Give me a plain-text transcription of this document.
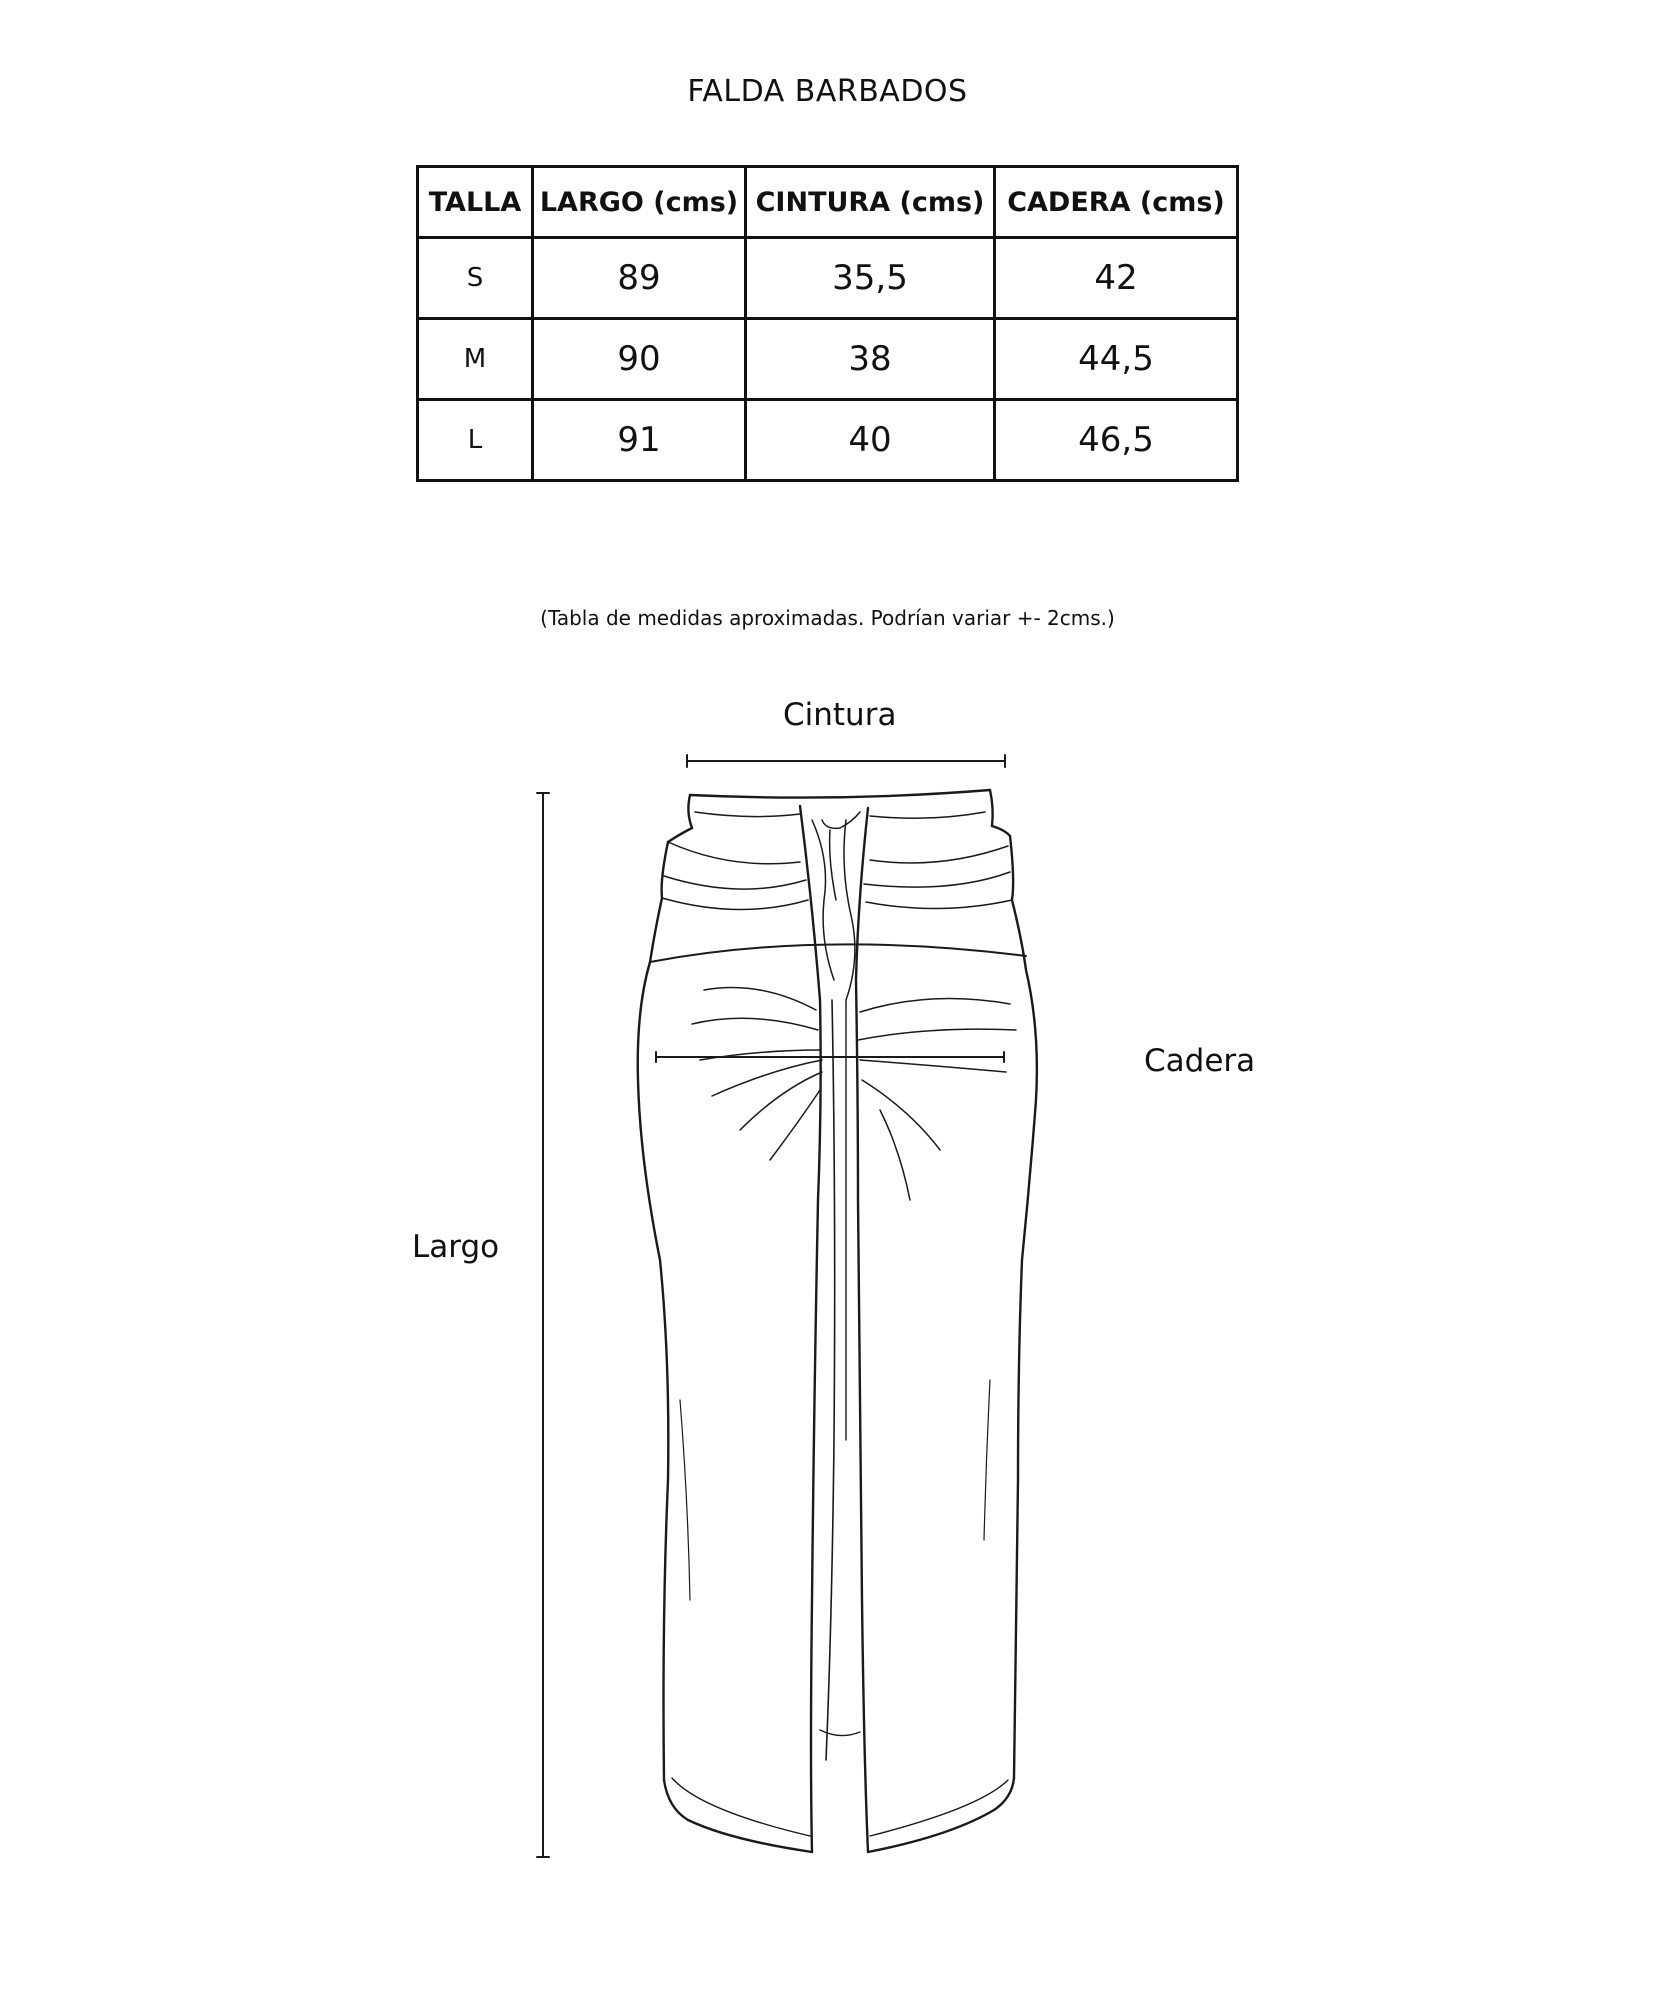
FALDA BARBADOS
TALLA	LARGO (cms)	CINTURA (cms)	CADERA (cms)
S	89	35,5	42
M	90	38	44,5
L	91	40	46,5
(Tabla de medidas aproximadas. Podrían variar +- 2cms.)
Cintura
Cadera
Largo
